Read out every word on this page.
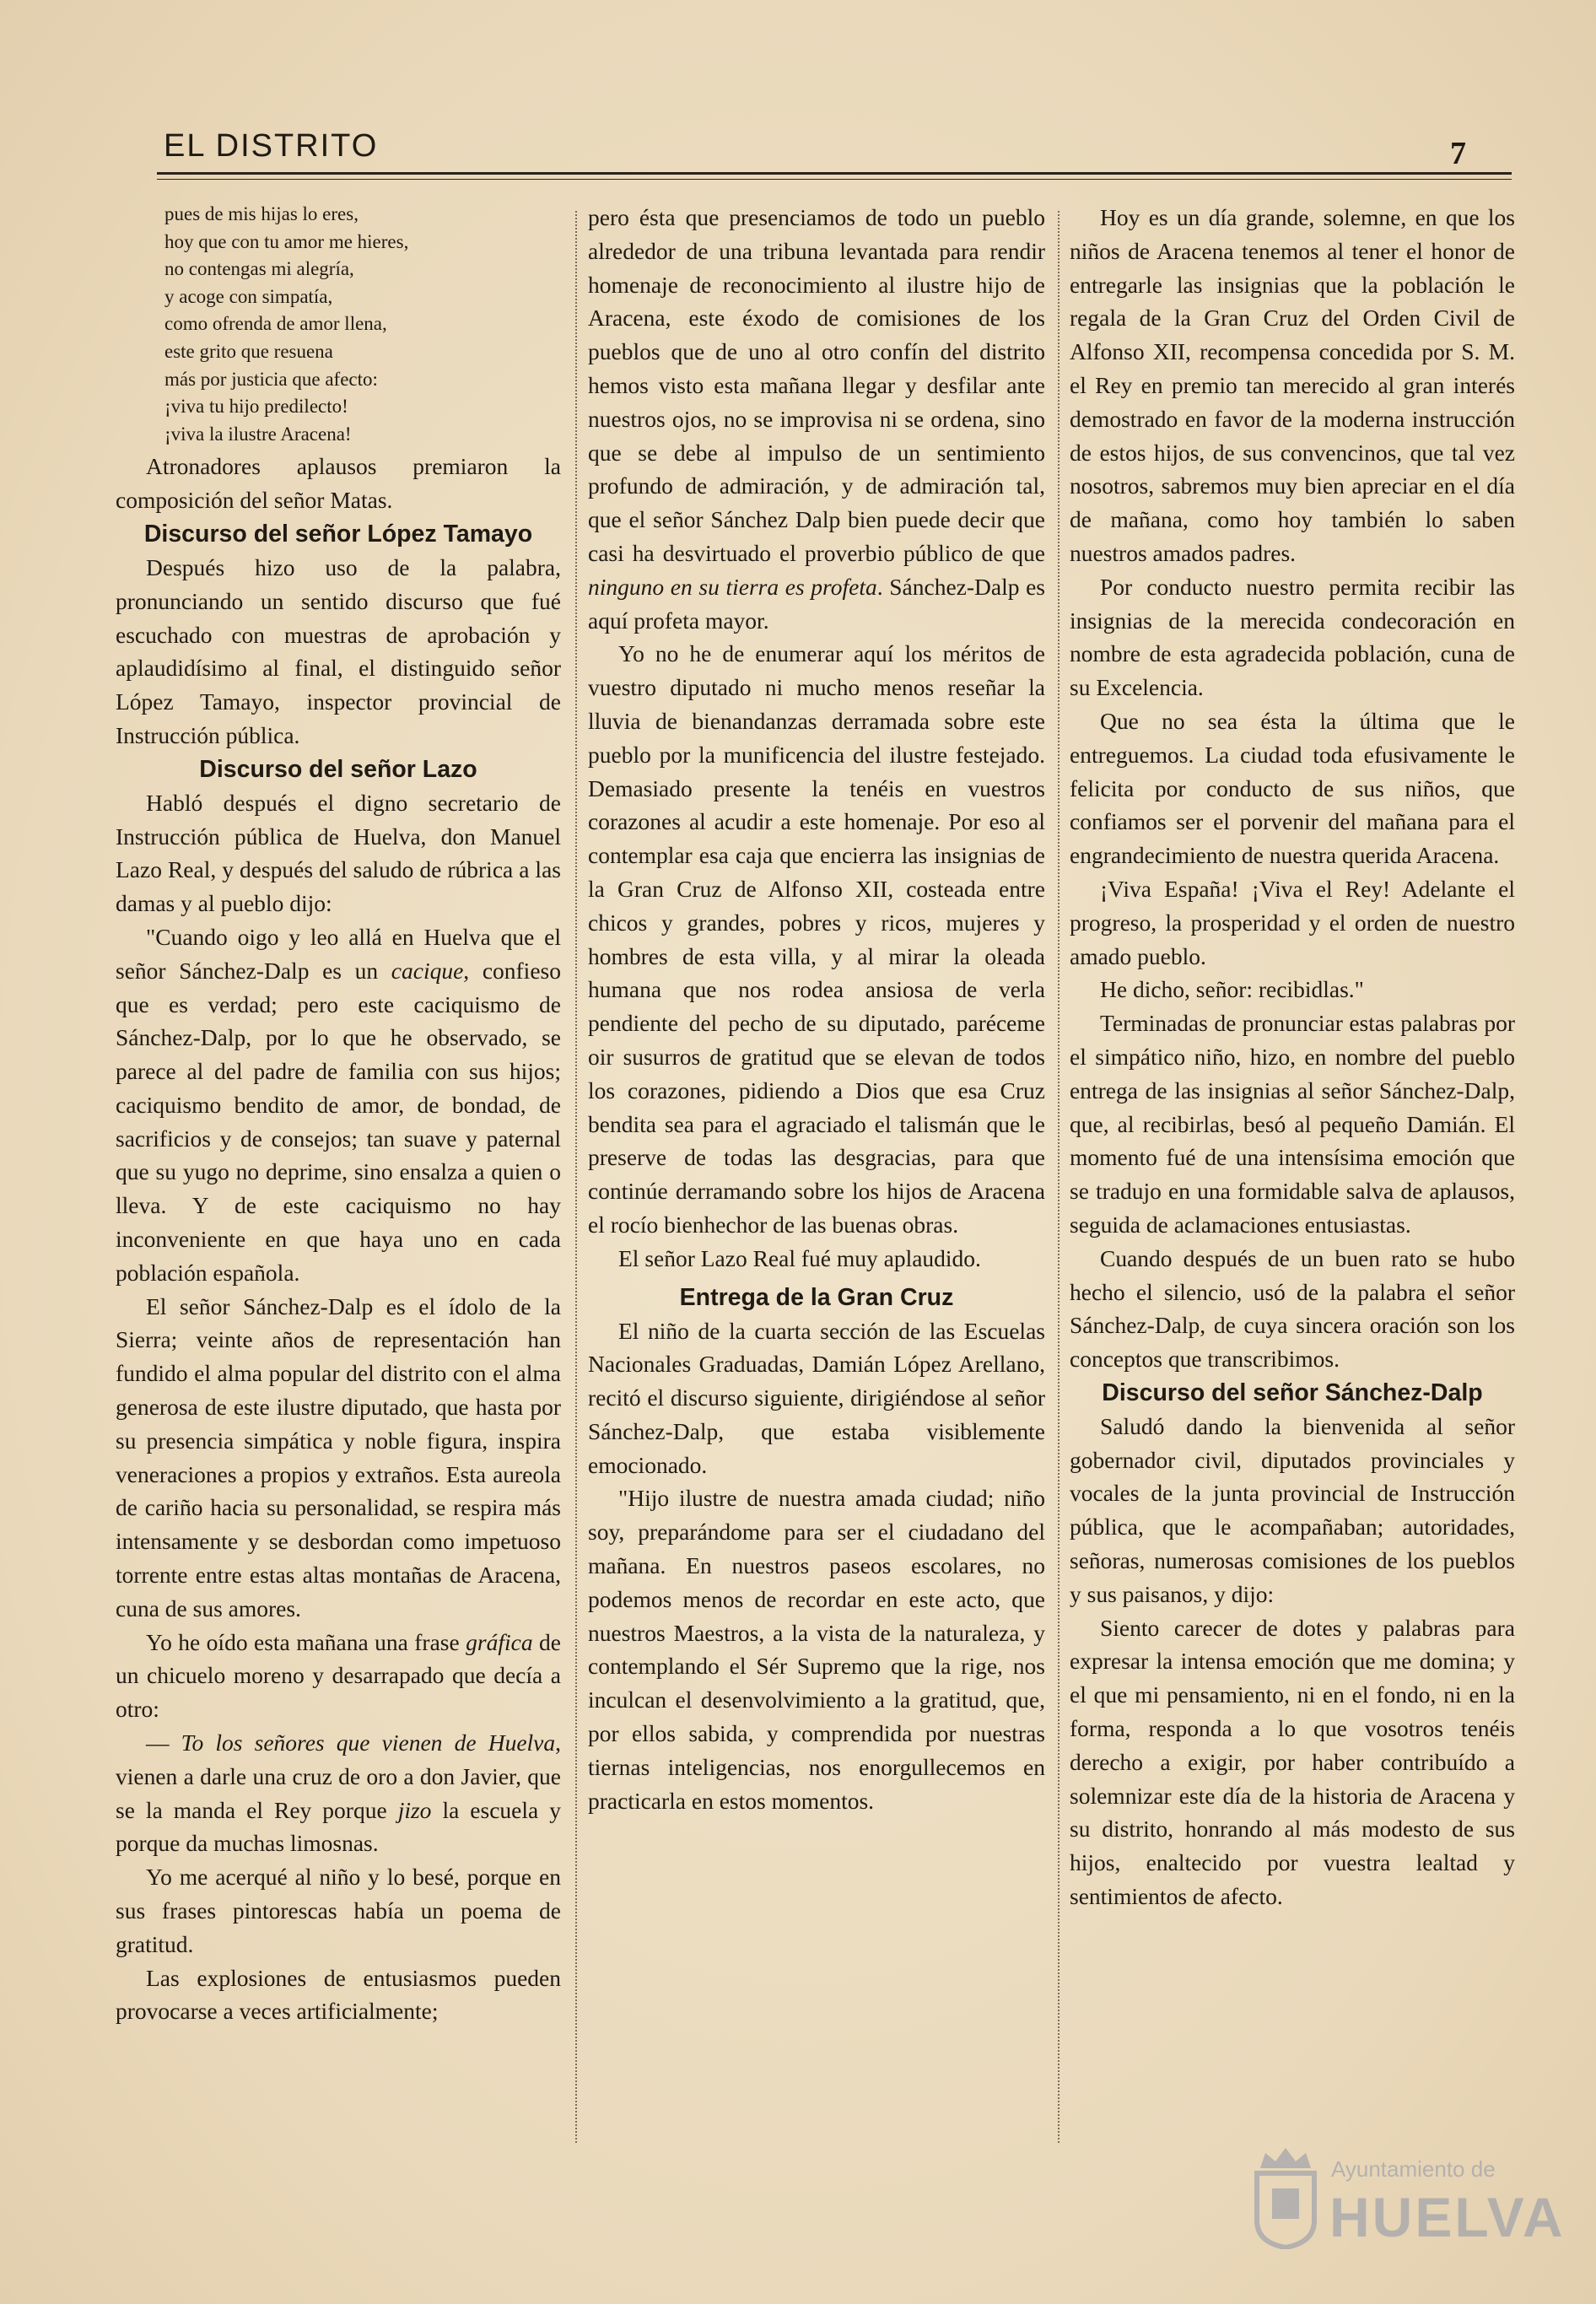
EL DISTRITO	7
pues de mis hijas lo eres,
hoy que con tu amor me hieres,
no contengas mi alegría,
y acoge con simpatía,
como ofrenda de amor llena,
este grito que resuena
más por justicia que afecto:
¡viva tu hijo predilecto!
¡viva la ilustre Aracena!

Atronadores aplausos premiaron la composición del señor Matas.

Discurso del señor López Tamayo

Después hizo uso de la palabra, pronunciando un sentido discurso que fué escuchado con muestras de aprobación y aplaudidísimo al final, el distinguido señor López Tamayo, inspector provincial de Instrucción pública.

Discurso del señor Lazo

Habló después el digno secretario de Instrucción pública de Huelva, don Manuel Lazo Real, y después del saludo de rúbrica a las damas y al pueblo dijo:

"Cuando oigo y leo allá en Huelva que el señor Sánchez-Dalp es un cacique, confieso que es verdad; pero este caciquismo de Sánchez-Dalp, por lo que he observado, se parece al del padre de familia con sus hijos; caciquismo bendito de amor, de bondad, de sacrificios y de consejos; tan suave y paternal que su yugo no deprime, sino ensalza a quien o lleva. Y de este caciquismo no hay inconveniente en que haya uno en cada población española.

El señor Sánchez-Dalp es el ídolo de la Sierra; veinte años de representación han fundido el alma popular del distrito con el alma generosa de este ilustre diputado, que hasta por su presencia simpática y noble figura, inspira veneraciones a propios y extraños. Esta aureola de cariño hacia su personalidad, se respira más intensamente y se desbordan como impetuoso torrente entre estas altas montañas de Aracena, cuna de sus amores.

Yo he oído esta mañana una frase gráfica de un chicuelo moreno y desarrapado que decía a otro:

— To los señores que vienen de Huelva, vienen a darle una cruz de oro a don Javier, que se la manda el Rey porque jizo la escuela y porque da muchas limosnas.

Yo me acerqué al niño y lo besé, porque en sus frases pintorescas había un poema de gratitud.

Las explosiones de entusiasmos pueden provocarse a veces artificialmente;

pero ésta que presenciamos de todo un pueblo alrededor de una tribuna levantada para rendir homenaje de reconocimiento al ilustre hijo de Aracena, este éxodo de comisiones de los pueblos que de uno al otro confín del distrito hemos visto esta mañana llegar y desfilar ante nuestros ojos, no se improvisa ni se ordena, sino que se debe al impulso de un sentimiento profundo de admiración, y de admiración tal, que el señor Sánchez Dalp bien puede decir que casi ha desvirtuado el proverbio público de que ninguno en su tierra es profeta. Sánchez-Dalp es aquí profeta mayor.

Yo no he de enumerar aquí los méritos de vuestro diputado ni mucho menos reseñar la lluvia de bienandanzas derramada sobre este pueblo por la munificencia del ilustre festejado. Demasiado presente la tenéis en vuestros corazones al acudir a este homenaje. Por eso al contemplar esa caja que encierra las insignias de la Gran Cruz de Alfonso XII, costeada entre chicos y grandes, pobres y ricos, mujeres y hombres de esta villa, y al mirar la oleada humana que nos rodea ansiosa de verla pendiente del pecho de su diputado, paréceme oir susurros de gratitud que se elevan de todos los corazones, pidiendo a Dios que esa Cruz bendita sea para el agraciado el talismán que le preserve de todas las desgracias, para que continúe derramando sobre los hijos de Aracena el rocío bienhechor de las buenas obras.

El señor Lazo Real fué muy aplaudido.

Entrega de la Gran Cruz

El niño de la cuarta sección de las Escuelas Nacionales Graduadas, Damián López Arellano, recitó el discurso siguiente, dirigiéndose al señor Sánchez-Dalp, que estaba visiblemente emocionado.

"Hijo ilustre de nuestra amada ciudad; niño soy, preparándome para ser el ciudadano del mañana. En nuestros paseos escolares, no podemos menos de recordar en este acto, que nuestros Maestros, a la vista de la naturaleza, y contemplando el Sér Supremo que la rige, nos inculcan el desenvolvimiento a la gratitud, que, por ellos sabida, y comprendida por nuestras tiernas inteligencias, nos enorgullecemos en practicarla en estos momentos.

Hoy es un día grande, solemne, en que los niños de Aracena tenemos al tener el honor de entregarle las insignias que la población le regala de la Gran Cruz del Orden Civil de Alfonso XII, recompensa concedida por S. M. el Rey en premio tan merecido al gran interés demostrado en favor de la moderna instrucción de estos hijos, de sus convencinos, que tal vez nosotros, sabremos muy bien apreciar en el día de mañana, como hoy también lo saben nuestros amados padres.

Por conducto nuestro permita recibir las insignias de la merecida condecoración en nombre de esta agradecida población, cuna de su Excelencia.

Que no sea ésta la última que le entreguemos. La ciudad toda efusivamente le felicita por conducto de sus niños, que confiamos ser el porvenir del mañana para el engrandecimiento de nuestra querida Aracena.

¡Viva España! ¡Viva el Rey! Adelante el progreso, la prosperidad y el orden de nuestro amado pueblo.

He dicho, señor: recibidlas."

Terminadas de pronunciar estas palabras por el simpático niño, hizo, en nombre del pueblo entrega de las insignias al señor Sánchez-Dalp, que, al recibirlas, besó al pequeño Damián. El momento fué de una intensísima emoción que se tradujo en una formidable salva de aplausos, seguida de aclamaciones entusiastas.

Cuando después de un buen rato se hubo hecho el silencio, usó de la palabra el señor Sánchez-Dalp, de cuya sincera oración son los conceptos que transcribimos.

Discurso del señor Sánchez-Dalp

Saludó dando la bienvenida al señor gobernador civil, diputados provinciales y vocales de la junta provincial de Instrucción pública, que le acompañaban; autoridades, señoras, numerosas comisiones de los pueblos y sus paisanos, y dijo:

Siento carecer de dotes y palabras para expresar la intensa emoción que me domina; y el que mi pensamiento, ni en el fondo, ni en la forma, responda a lo que vosotros tenéis derecho a exigir, por haber contribuído a solemnizar este día de la historia de Aracena y su distrito, honrando al más modesto de sus hijos, enaltecido por vuestra lealtad y sentimientos de afecto.

Ayuntamiento de
HUELVA
